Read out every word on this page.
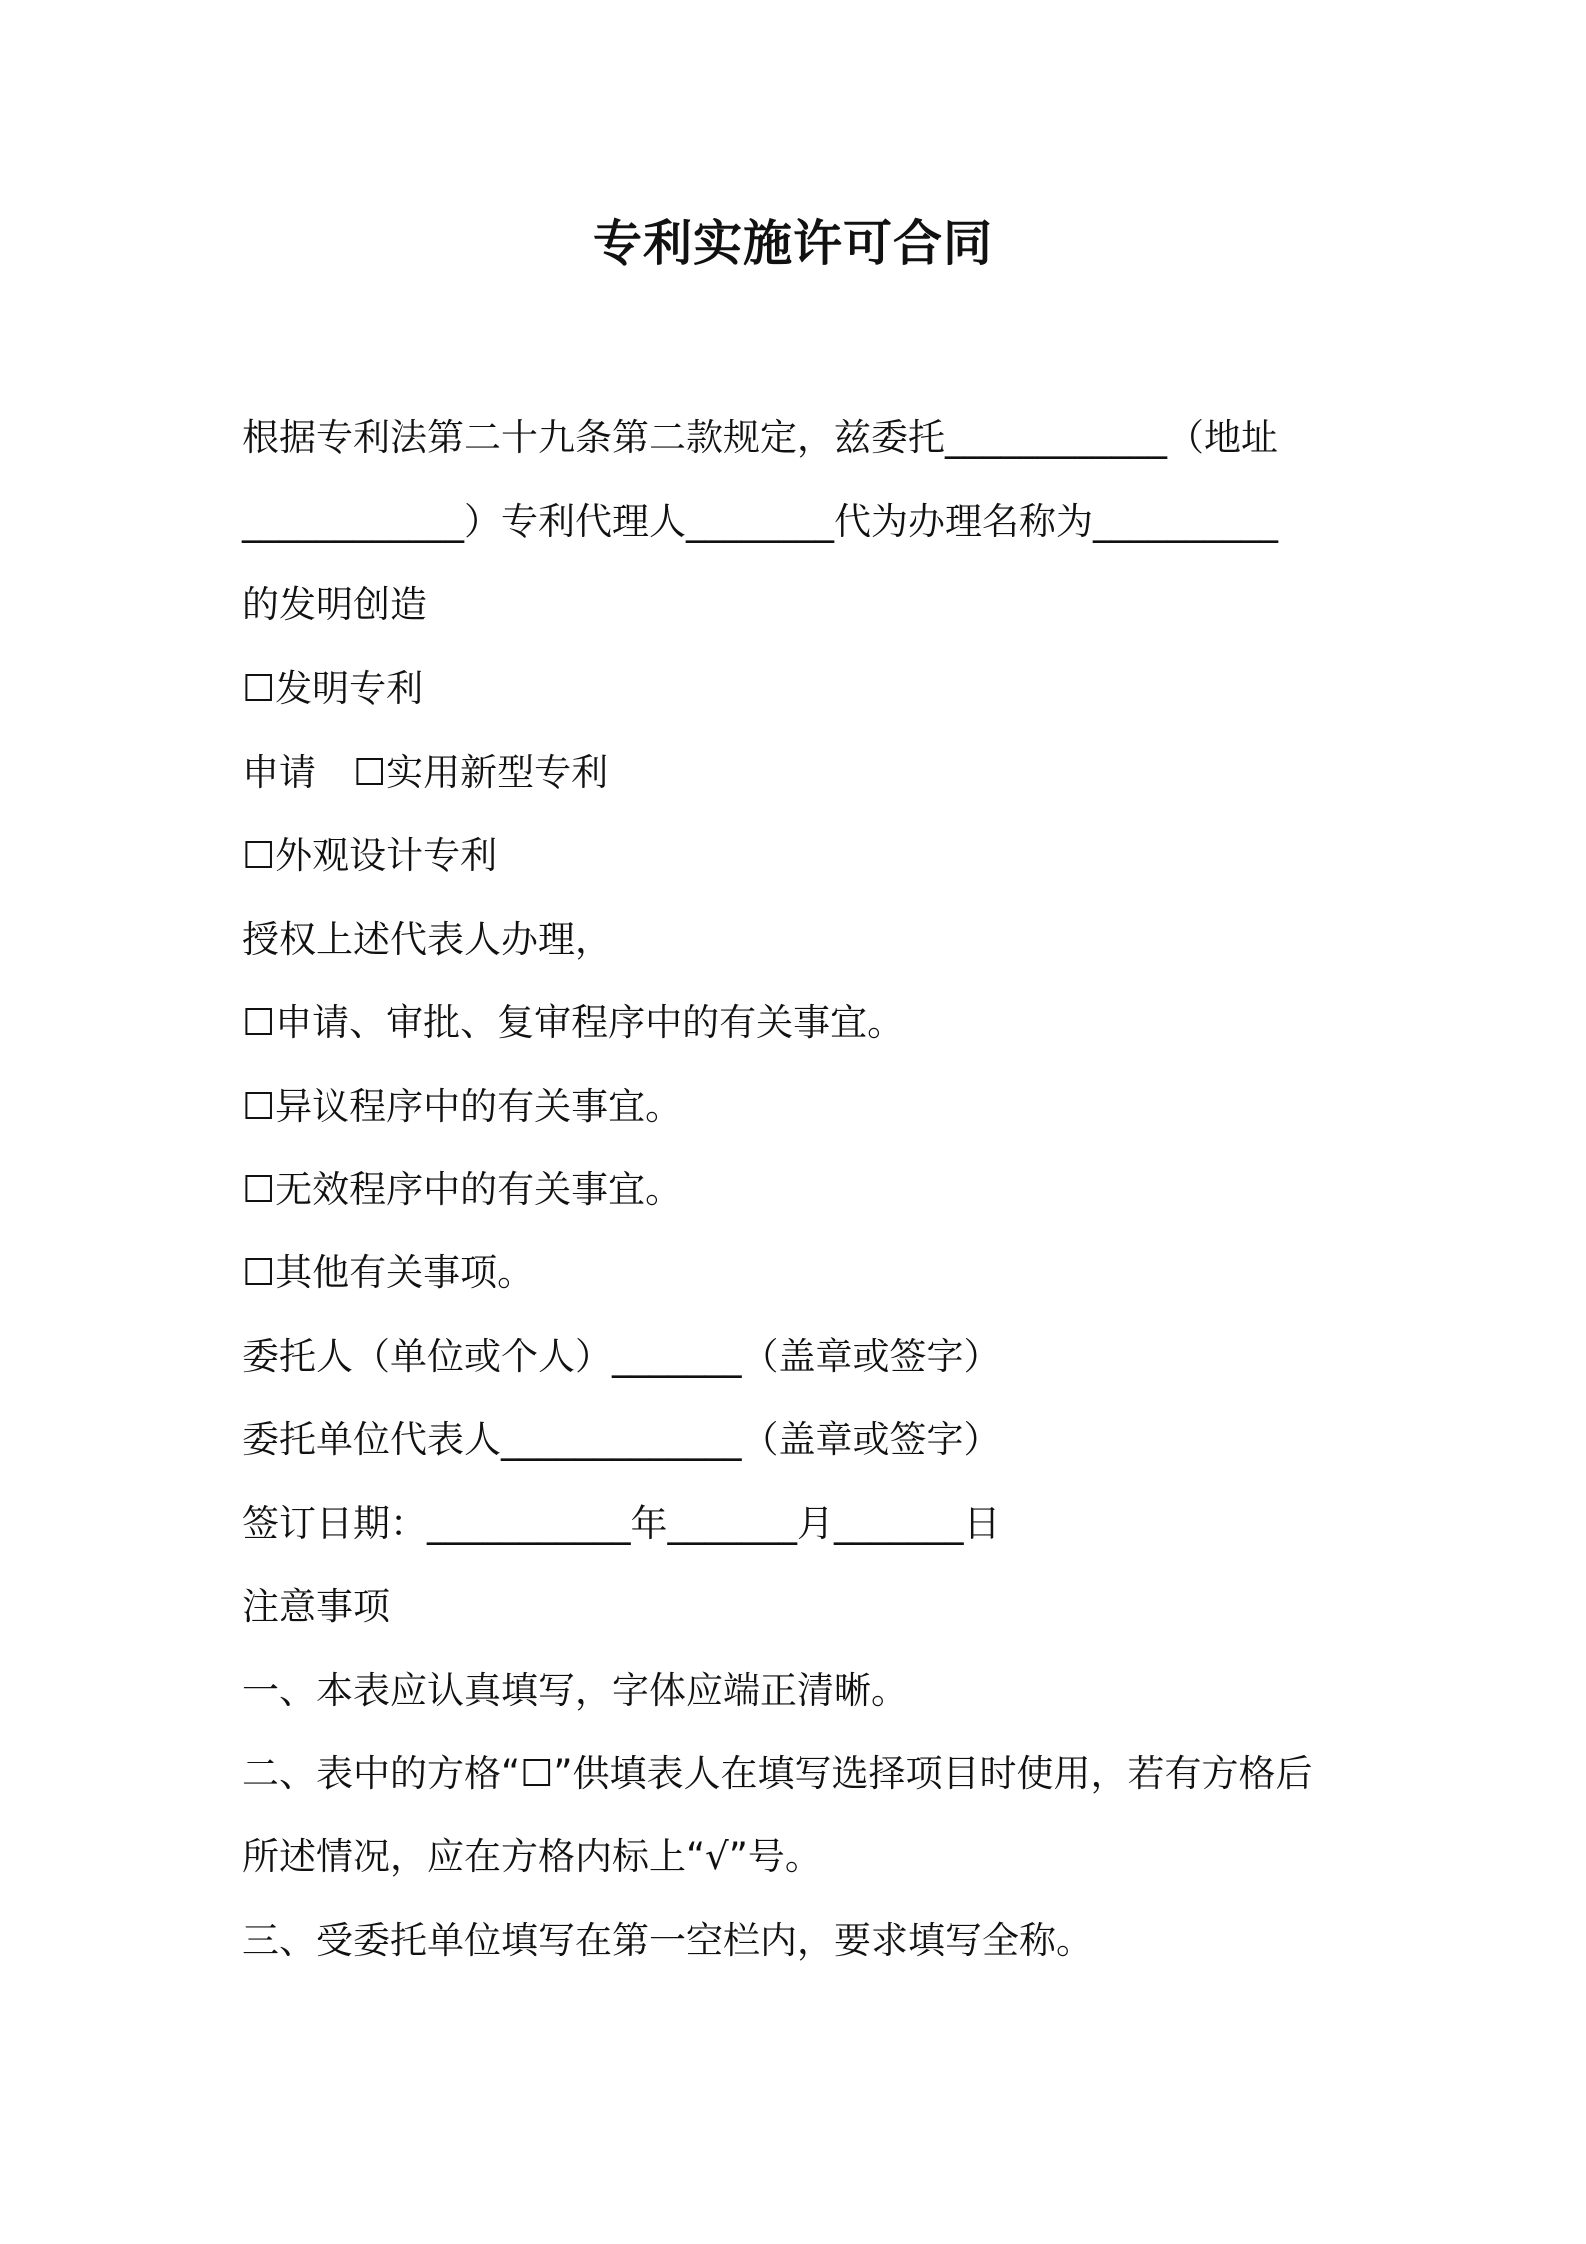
专利实施许可合同
根据专利法第二十九条第二款规定，兹委托____________（地址
____________）专利代理人________代为办理名称为__________
的发明创造
☐发明专利
申请　☐实用新型专利
☐外观设计专利
授权上述代表人办理，
☐申请、审批、复审程序中的有关事宜。
☐异议程序中的有关事宜。
☐无效程序中的有关事宜。
☐其他有关事项。
委托人（单位或个人）_______（盖章或签字）
委托单位代表人_____________（盖章或签字）
签订日期：___________年_______月_______日
注意事项
一、本表应认真填写，字体应端正清晰。
二、表中的方格“☐”供填表人在填写选择项目时使用，若有方格后
所述情况，应在方格内标上“√”号。
三、受委托单位填写在第一空栏内，要求填写全称。
